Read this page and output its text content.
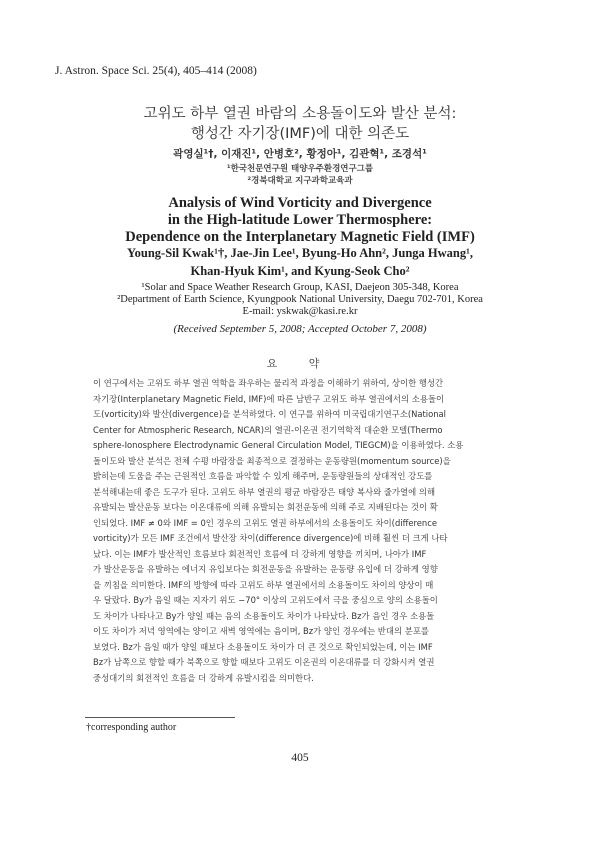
J. Astron. Space Sci. 25(4), 405–414 (2008)
고위도 하부 열권 바람의 소용돌이도와 발산 분석:
행성간 자기장(IMF)에 대한 의존도
곽영실¹†, 이재진¹, 안병호², 황정아¹, 김관혁¹, 조경석¹
¹한국천문연구원 태양우주환경연구그룹
²경북대학교 지구과학교육과
Analysis of Wind Vorticity and Divergence
in the High-latitude Lower Thermosphere:
Dependence on the Interplanetary Magnetic Field (IMF)
Young-Sil Kwak¹†, Jae-Jin Lee¹, Byung-Ho Ahn², Junga Hwang¹,
Khan-Hyuk Kim¹, and Kyung-Seok Cho²
¹Solar and Space Weather Research Group, KASI, Daejeon 305-348, Korea
²Department of Earth Science, Kyungpook National University, Daegu 702-701, Korea
E-mail: yskwak@kasi.re.kr
(Received September 5, 2008; Accepted October 7, 2008)
요 약
이 연구에서는 고위도 하부 열권 역학을 좌우하는 물리적 과정을 이해하기 위하여, 상이한 행성간
자기장(Interplanetary Magnetic Field, IMF)에 따른 남반구 고위도 하부 열권에서의 소용돌이
도(vorticity)와 발산(divergence)을 분석하였다. 이 연구를 위하여 미국립대기연구소(National
Center for Atmospheric Research, NCAR)의 열권-이온권 전기역학적 대순환 모델(Thermo
sphere-Ionosphere Electrodynamic General Circulation Model, TIEGCM)을 이용하였다. 소용
돌이도와 발산 분석은 전체 수평 바람장을 최종적으로 결정하는 운동량원(momentum source)을
밝히는데 도움을 주는 근원적인 흐름을 파악할 수 있게 해주며, 운동량원들의 상대적인 강도를
분석해내는데 좋은 도구가 된다. 고위도 하부 열권의 평균 바람장은 태양 복사와 줄가열에 의해
유발되는 발산운동 보다는 이온대류에 의해 유발되는 회전운동에 의해 주로 지배된다는 것이 확
인되었다. IMF ≠ 0와 IMF = 0인 경우의 고위도 열권 하부에서의 소용돌이도 차이(difference
vorticity)가 모든 IMF 조건에서 발산장 차이(difference divergence)에 비해 훨씬 더 크게 나타
났다. 이는 IMF가 발산적인 흐름보다 회전적인 흐름에 더 강하게 영향을 끼치며, 나아가 IMF
가 발산운동을 유발하는 에너지 유입보다는 회전운동을 유발하는 운동량 유입에 더 강하게 영향
을 끼침을 의미한다. IMF의 방향에 따라 고위도 하부 열권에서의 소용돌이도 차이의 양상이 매
우 달랐다. By가 음일 때는 지자기 위도 −70° 이상의 고위도에서 극을 중심으로 양의 소용돌이
도 차이가 나타나고 By가 양일 때는 음의 소용돌이도 차이가 나타났다. Bz가 음인 경우 소용돌
이도 차이가 저녁 영역에는 양이고 새벽 영역에는 음이며, Bz가 양인 경우에는 반대의 분포를
보였다. Bz가 음일 때가 양일 때보다 소용돌이도 차이가 더 큰 것으로 확인되었는데, 이는 IMF
Bz가 남쪽으로 향할 때가 북쪽으로 향할 때보다 고위도 이온권의 이온대류를 더 강화시켜 열권
중성대기의 회전적인 흐름을 더 강하게 유발시킴을 의미한다.
†corresponding author
405
